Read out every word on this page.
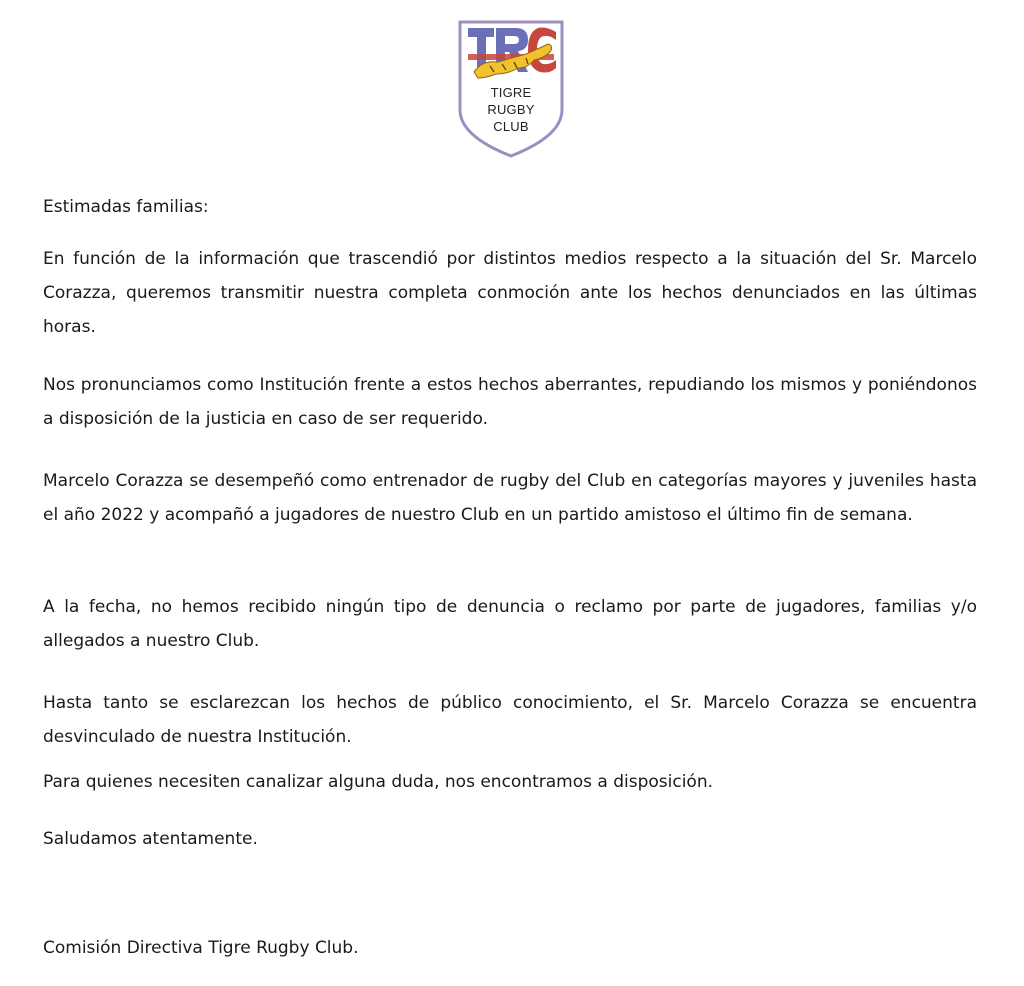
TIGRE
RUGBY
CLUB

Estimadas familias:

En función de la información que trascendió por distintos medios respecto a la situación del Sr. Marcelo Corazza, queremos transmitir nuestra completa conmoción ante los hechos denunciados en las últimas horas.

Nos pronunciamos como Institución frente a estos hechos aberrantes, repudiando los mismos y poniéndonos a disposición de la justicia en caso de ser requerido.

Marcelo Corazza se desempeñó como entrenador de rugby del Club en categorías mayores y juveniles hasta el año 2022 y acompañó a jugadores de nuestro Club en un partido amistoso el último fin de semana.

A la fecha, no hemos recibido ningún tipo de denuncia o reclamo por parte de jugadores, familias y/o allegados a nuestro Club.

Hasta tanto se esclarezcan los hechos de público conocimiento, el Sr. Marcelo Corazza se encuentra desvinculado de nuestra Institución.

Para quienes necesiten canalizar alguna duda, nos encontramos a disposición.

Saludamos atentamente.

Comisión Directiva Tigre Rugby Club.
